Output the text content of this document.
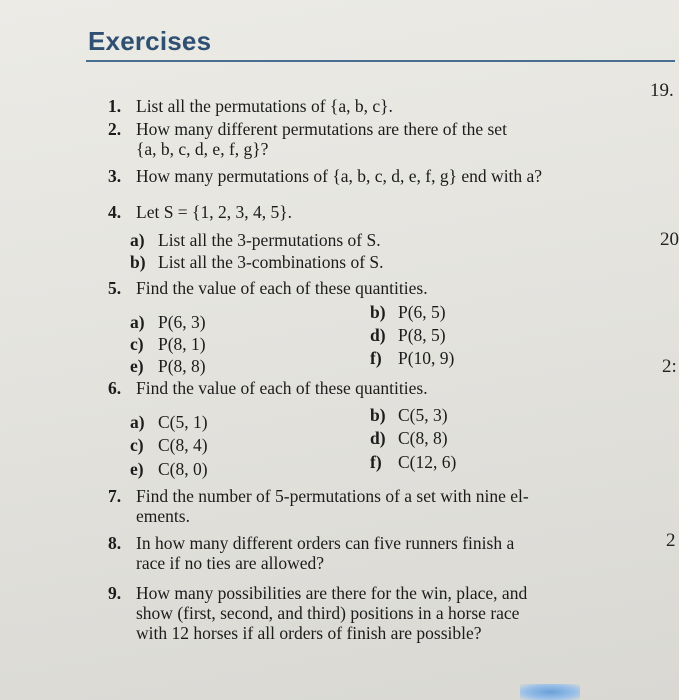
Exercises
19.
20
2:
2
1. List all the permutations of {a, b, c}.
2. How many different permutations are there of the set
{a, b, c, d, e, f, g}?
3. How many permutations of {a, b, c, d, e, f, g} end with a?
4. Let S = {1, 2, 3, 4, 5}.
a) List all the 3-permutations of S.
b) List all the 3-combinations of S.
5. Find the value of each of these quantities.
a) P(6, 3)	b) P(6, 5)
c) P(8, 1)	d) P(8, 5)
e) P(8, 8)	f) P(10, 9)
6. Find the value of each of these quantities.
a) C(5, 1)	b) C(5, 3)
c) C(8, 4)	d) C(8, 8)
e) C(8, 0)	f) C(12, 6)
7. Find the number of 5-permutations of a set with nine el-
ements.
8. In how many different orders can five runners finish a
race if no ties are allowed?
9. How many possibilities are there for the win, place, and
show (first, second, and third) positions in a horse race
with 12 horses if all orders of finish are possible?
